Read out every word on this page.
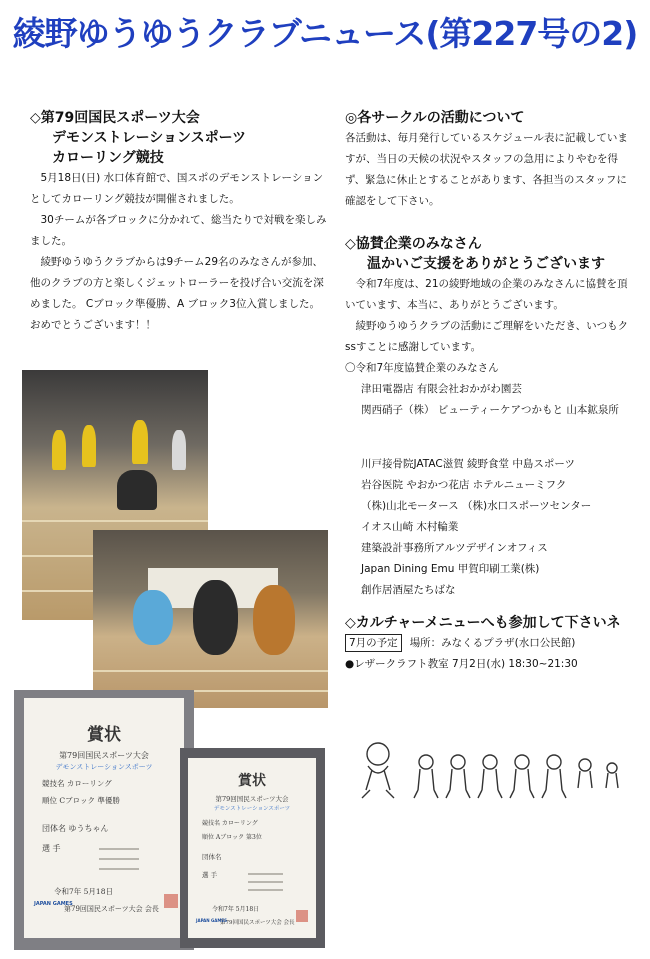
綾野ゆうゆうクラブニュース(第227号の2)
◇第79回国民スポーツ大会
デモンストレーションスポーツ
カローリング競技

5月18日(日) 水口体育館で、国スポのデモンストレーションとしてカローリング競技が開催されました。

30チームが各ブロックに分かれて、総当たりで対戦を楽しみました。

綾野ゆうゆうクラブからは9チーム29名のみなさんが参加、他のクラブの方と楽しくジェットローラーを投げ合い交流を深めました。 Cブロック準優勝、A ブロック3位入賞しました。 おめでとうございます！！

賞状
第79回国民スポーツ大会
デモンストレーションスポーツ
競技名 カローリング
順位 Cブロック 準優勝
団体名 ゆうちゃん
選 手
令和7年 5月18日
第79回国民スポーツ大会 会長
JAPAN GAMES
賞状
第79回国民スポーツ大会
デモンストレーションスポーツ
競技名 カローリング
順位 Aブロック 第3位
団体名
選 手
令和7年 5月18日
第79回国民スポーツ大会 会長
JAPAN GAMES
◎各サークルの活動について

各活動は、毎月発行しているスケジュール表に記載していますが、当日の天候の状況やスタッフの急用によりやむを得ず、緊急に休止とすることがあります、各担当のスタッフに確認をして下さい。

◇協賛企業のみなさん
温かいご支援をありがとうございます

令和7年度は、21の綾野地域の企業のみなさんに協賛を頂いています、本当に、ありがとうございます。

綾野ゆうゆうクラブの活動にご理解をいただき、いつもクssすことに感謝しています。

〇令和7年度協賛企業のみなさん

津田電器店 有限会社おかがわ園芸

関西硝子（株） ビューティーケアつかもと 山本鉱泉所

川戸接骨院JATAC滋賀 綾野食堂 中島スポーツ

岩谷医院 やおかつ花店 ホテルニューミフク

（株)山北モータース （株)水口スポーツセンター

イオス山崎 木村輪業

建築設計事務所アルツデザインオフィス

Japan Dining Emu 甲賀印刷工業(株)

創作居酒屋たちばな

◇カルチャーメニューへも参加して下さいネ

7月の予定 場所：みなくるプラザ(水口公民館)

●レザークラフト教室 7月2日(水) 18:30~21:30
